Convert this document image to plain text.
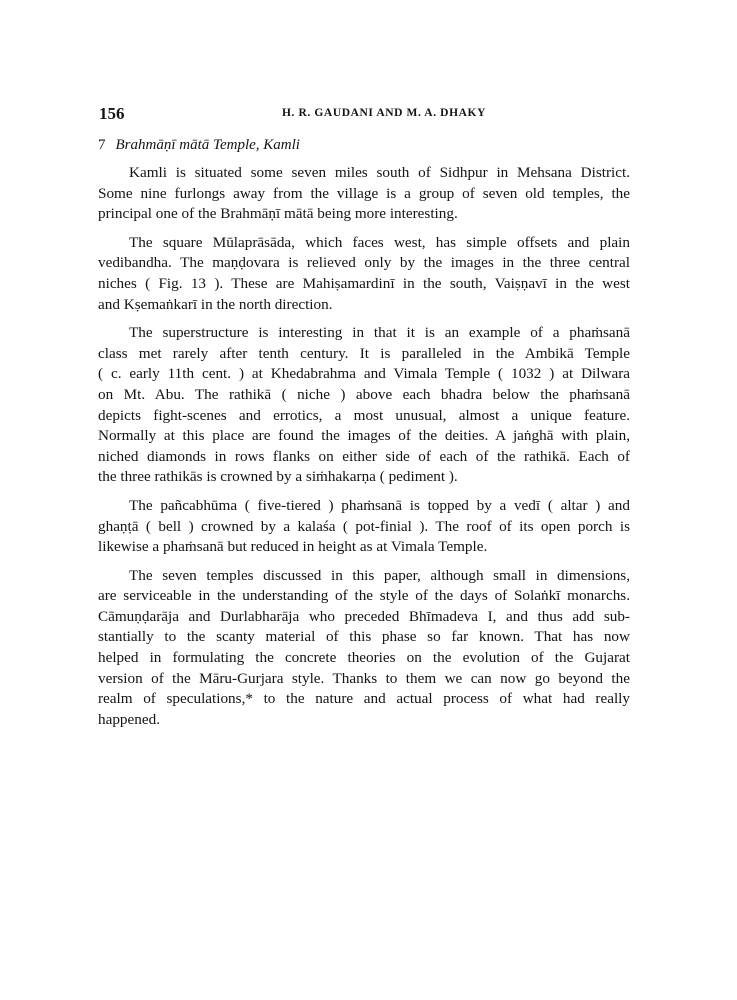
156	H. R. GAUDANI AND M. A. DHAKY
7 Brahmāṇī mātā Temple, Kamli
Kamli is situated some seven miles south of Sidhpur in Mehsana District.
Some nine furlongs away from the village is a group of seven old temples, the
principal one of the Brahmāṇī mātā being more interesting.
The square Mūlaprāsāda, which faces west, has simple offsets and plain
vedibandha. The maṇḍovara is relieved only by the images in the three central
niches ( Fig. 13 ). These are Mahiṣamardinī in the south, Vaiṣṇavī in the west
and Kṣemaṅkarī in the north direction.
The superstructure is interesting in that it is an example of a phaṁsanā
class met rarely after tenth century. It is paralleled in the Ambikā Temple
( c. early 11th cent. ) at Khedabrahma and Vimala Temple ( 1032 ) at Dilwara
on Mt. Abu. The rathikā ( niche ) above each bhadra below the phaṁsanā
depicts fight-scenes and errotics, a most unusual, almost a unique feature.
Normally at this place are found the images of the deities. A jaṅghā with plain,
niched diamonds in rows flanks on either side of each of the rathikā. Each of
the three rathikās is crowned by a siṁhakarṇa ( pediment ).
The pañcabhūma ( five-tiered ) phaṁsanā is topped by a vedī ( altar ) and
ghaṇṭā ( bell ) crowned by a kalaśa ( pot-finial ). The roof of its open porch is
likewise a phaṁsanā but reduced in height as at Vimala Temple.
The seven temples discussed in this paper, although small in dimensions,
are serviceable in the understanding of the style of the days of Solaṅkī monarchs.
Cāmuṇḍarāja and Durlabharāja who preceded Bhīmadeva I, and thus add sub-
stantially to the scanty material of this phase so far known. That has now
helped in formulating the concrete theories on the evolution of the Gujarat
version of the Māru-Gurjara style. Thanks to them we can now go beyond the
realm of speculations,* to the nature and actual process of what had really
happened.
